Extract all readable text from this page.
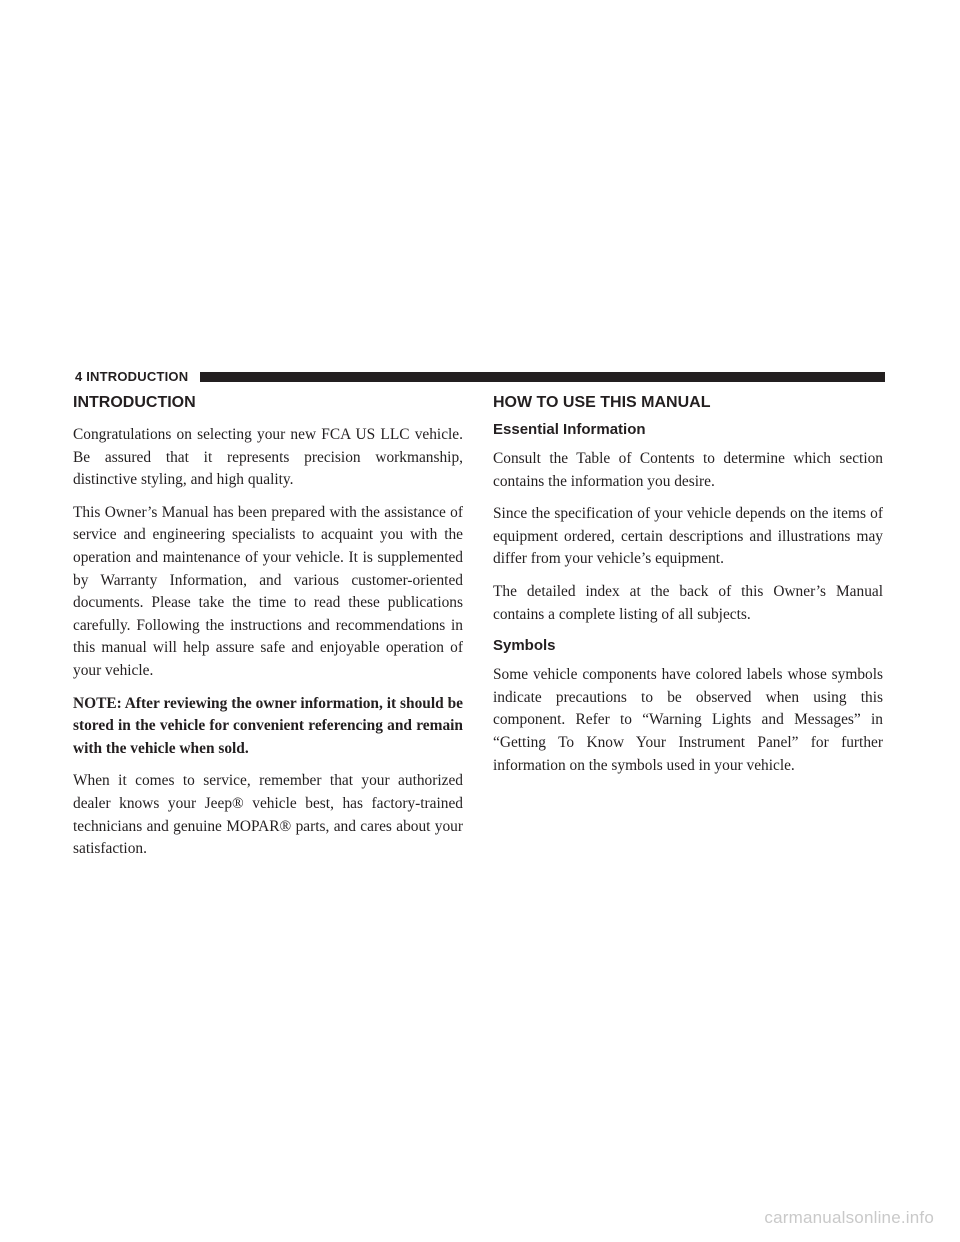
4 INTRODUCTION
INTRODUCTION

Congratulations on selecting your new FCA US LLC vehicle. Be assured that it represents precision workmanship, distinctive styling, and high quality.

This Owner’s Manual has been prepared with the assistance of service and engineering specialists to acquaint you with the operation and maintenance of your vehicle. It is supplemented by Warranty Information, and various customer-oriented documents. Please take the time to read these publications carefully. Following the instructions and recommendations in this manual will help assure safe and enjoyable operation of your vehicle.

NOTE: After reviewing the owner information, it should be stored in the vehicle for convenient referencing and remain with the vehicle when sold.

When it comes to service, remember that your authorized dealer knows your Jeep® vehicle best, has factory-trained technicians and genuine MOPAR® parts, and cares about your satisfaction.

HOW TO USE THIS MANUAL
Essential Information

Consult the Table of Contents to determine which section contains the information you desire.

Since the specification of your vehicle depends on the items of equipment ordered, certain descriptions and illustrations may differ from your vehicle’s equipment.

The detailed index at the back of this Owner’s Manual contains a complete listing of all subjects.

Symbols

Some vehicle components have colored labels whose symbols indicate precautions to be observed when using this component. Refer to “Warning Lights and Messages” in “Getting To Know Your Instrument Panel” for further information on the symbols used in your vehicle.

carmanualsonline.info
